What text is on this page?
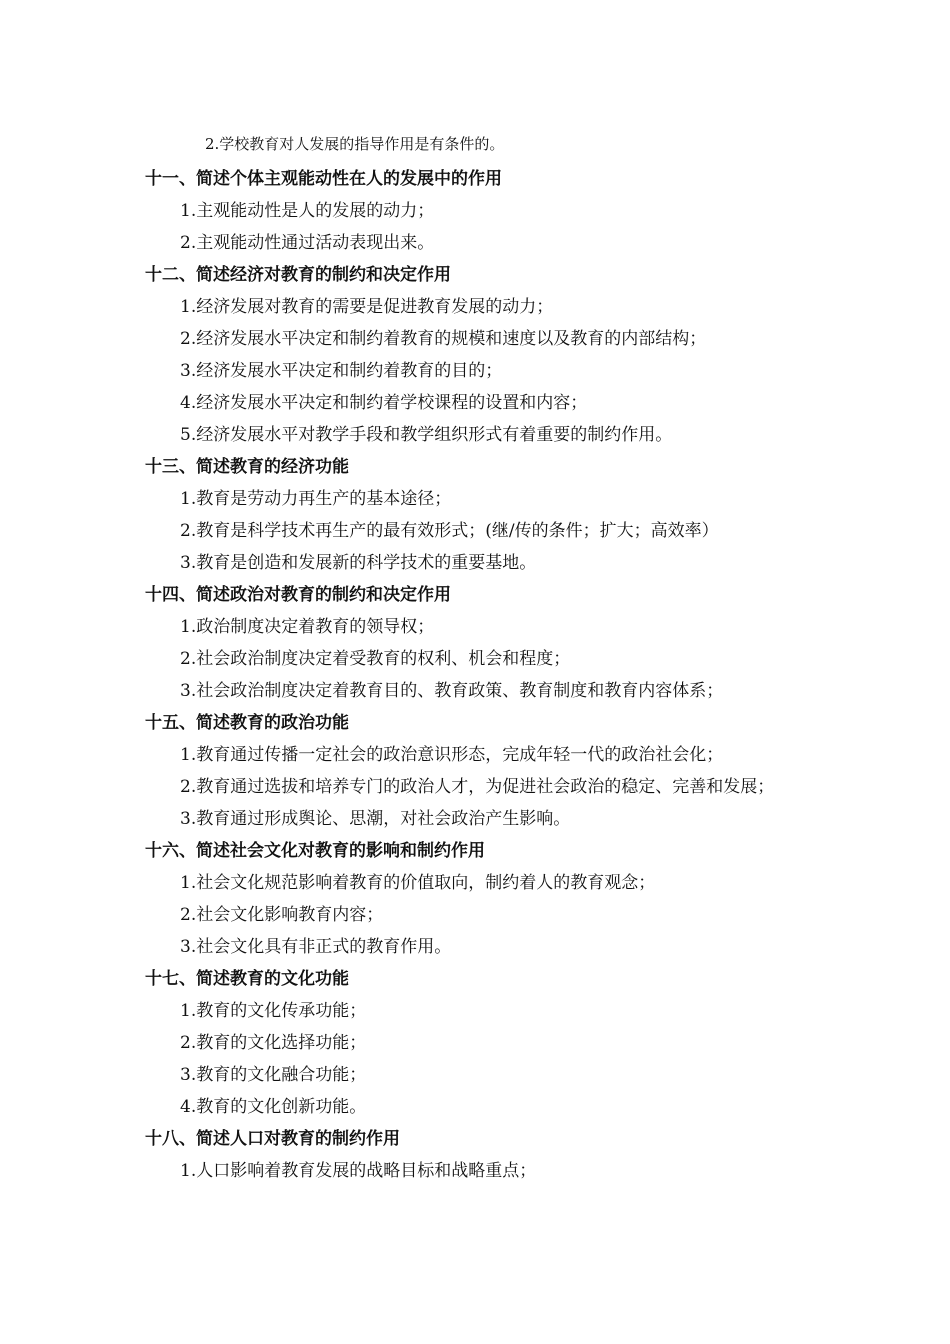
2.学校教育对人发展的指导作用是有条件的。
十一、简述个体主观能动性在人的发展中的作用
1.主观能动性是人的发展的动力；
2.主观能动性通过活动表现出来。
十二、简述经济对教育的制约和决定作用
1.经济发展对教育的需要是促进教育发展的动力；
2.经济发展水平决定和制约着教育的规模和速度以及教育的内部结构；
3.经济发展水平决定和制约着教育的目的；
4.经济发展水平决定和制约着学校课程的设置和内容；
5.经济发展水平对教学手段和教学组织形式有着重要的制约作用。
十三、简述教育的经济功能
1.教育是劳动力再生产的基本途径；
2.教育是科学技术再生产的最有效形式；(继/传的条件；扩大；高效率）
3.教育是创造和发展新的科学技术的重要基地。
十四、简述政治对教育的制约和决定作用
1.政治制度决定着教育的领导权；
2.社会政治制度决定着受教育的权利、机会和程度；
3.社会政治制度决定着教育目的、教育政策、教育制度和教育内容体系；
十五、简述教育的政治功能
1.教育通过传播一定社会的政治意识形态，完成年轻一代的政治社会化；
2.教育通过选拔和培养专门的政治人才，为促进社会政治的稳定、完善和发展；
3.教育通过形成舆论、思潮，对社会政治产生影响。
十六、简述社会文化对教育的影响和制约作用
1.社会文化规范影响着教育的价值取向，制约着人的教育观念；
2.社会文化影响教育内容；
3.社会文化具有非正式的教育作用。
十七、简述教育的文化功能
1.教育的文化传承功能；
2.教育的文化选择功能；
3.教育的文化融合功能；
4.教育的文化创新功能。
十八、简述人口对教育的制约作用
1.人口影响着教育发展的战略目标和战略重点；
